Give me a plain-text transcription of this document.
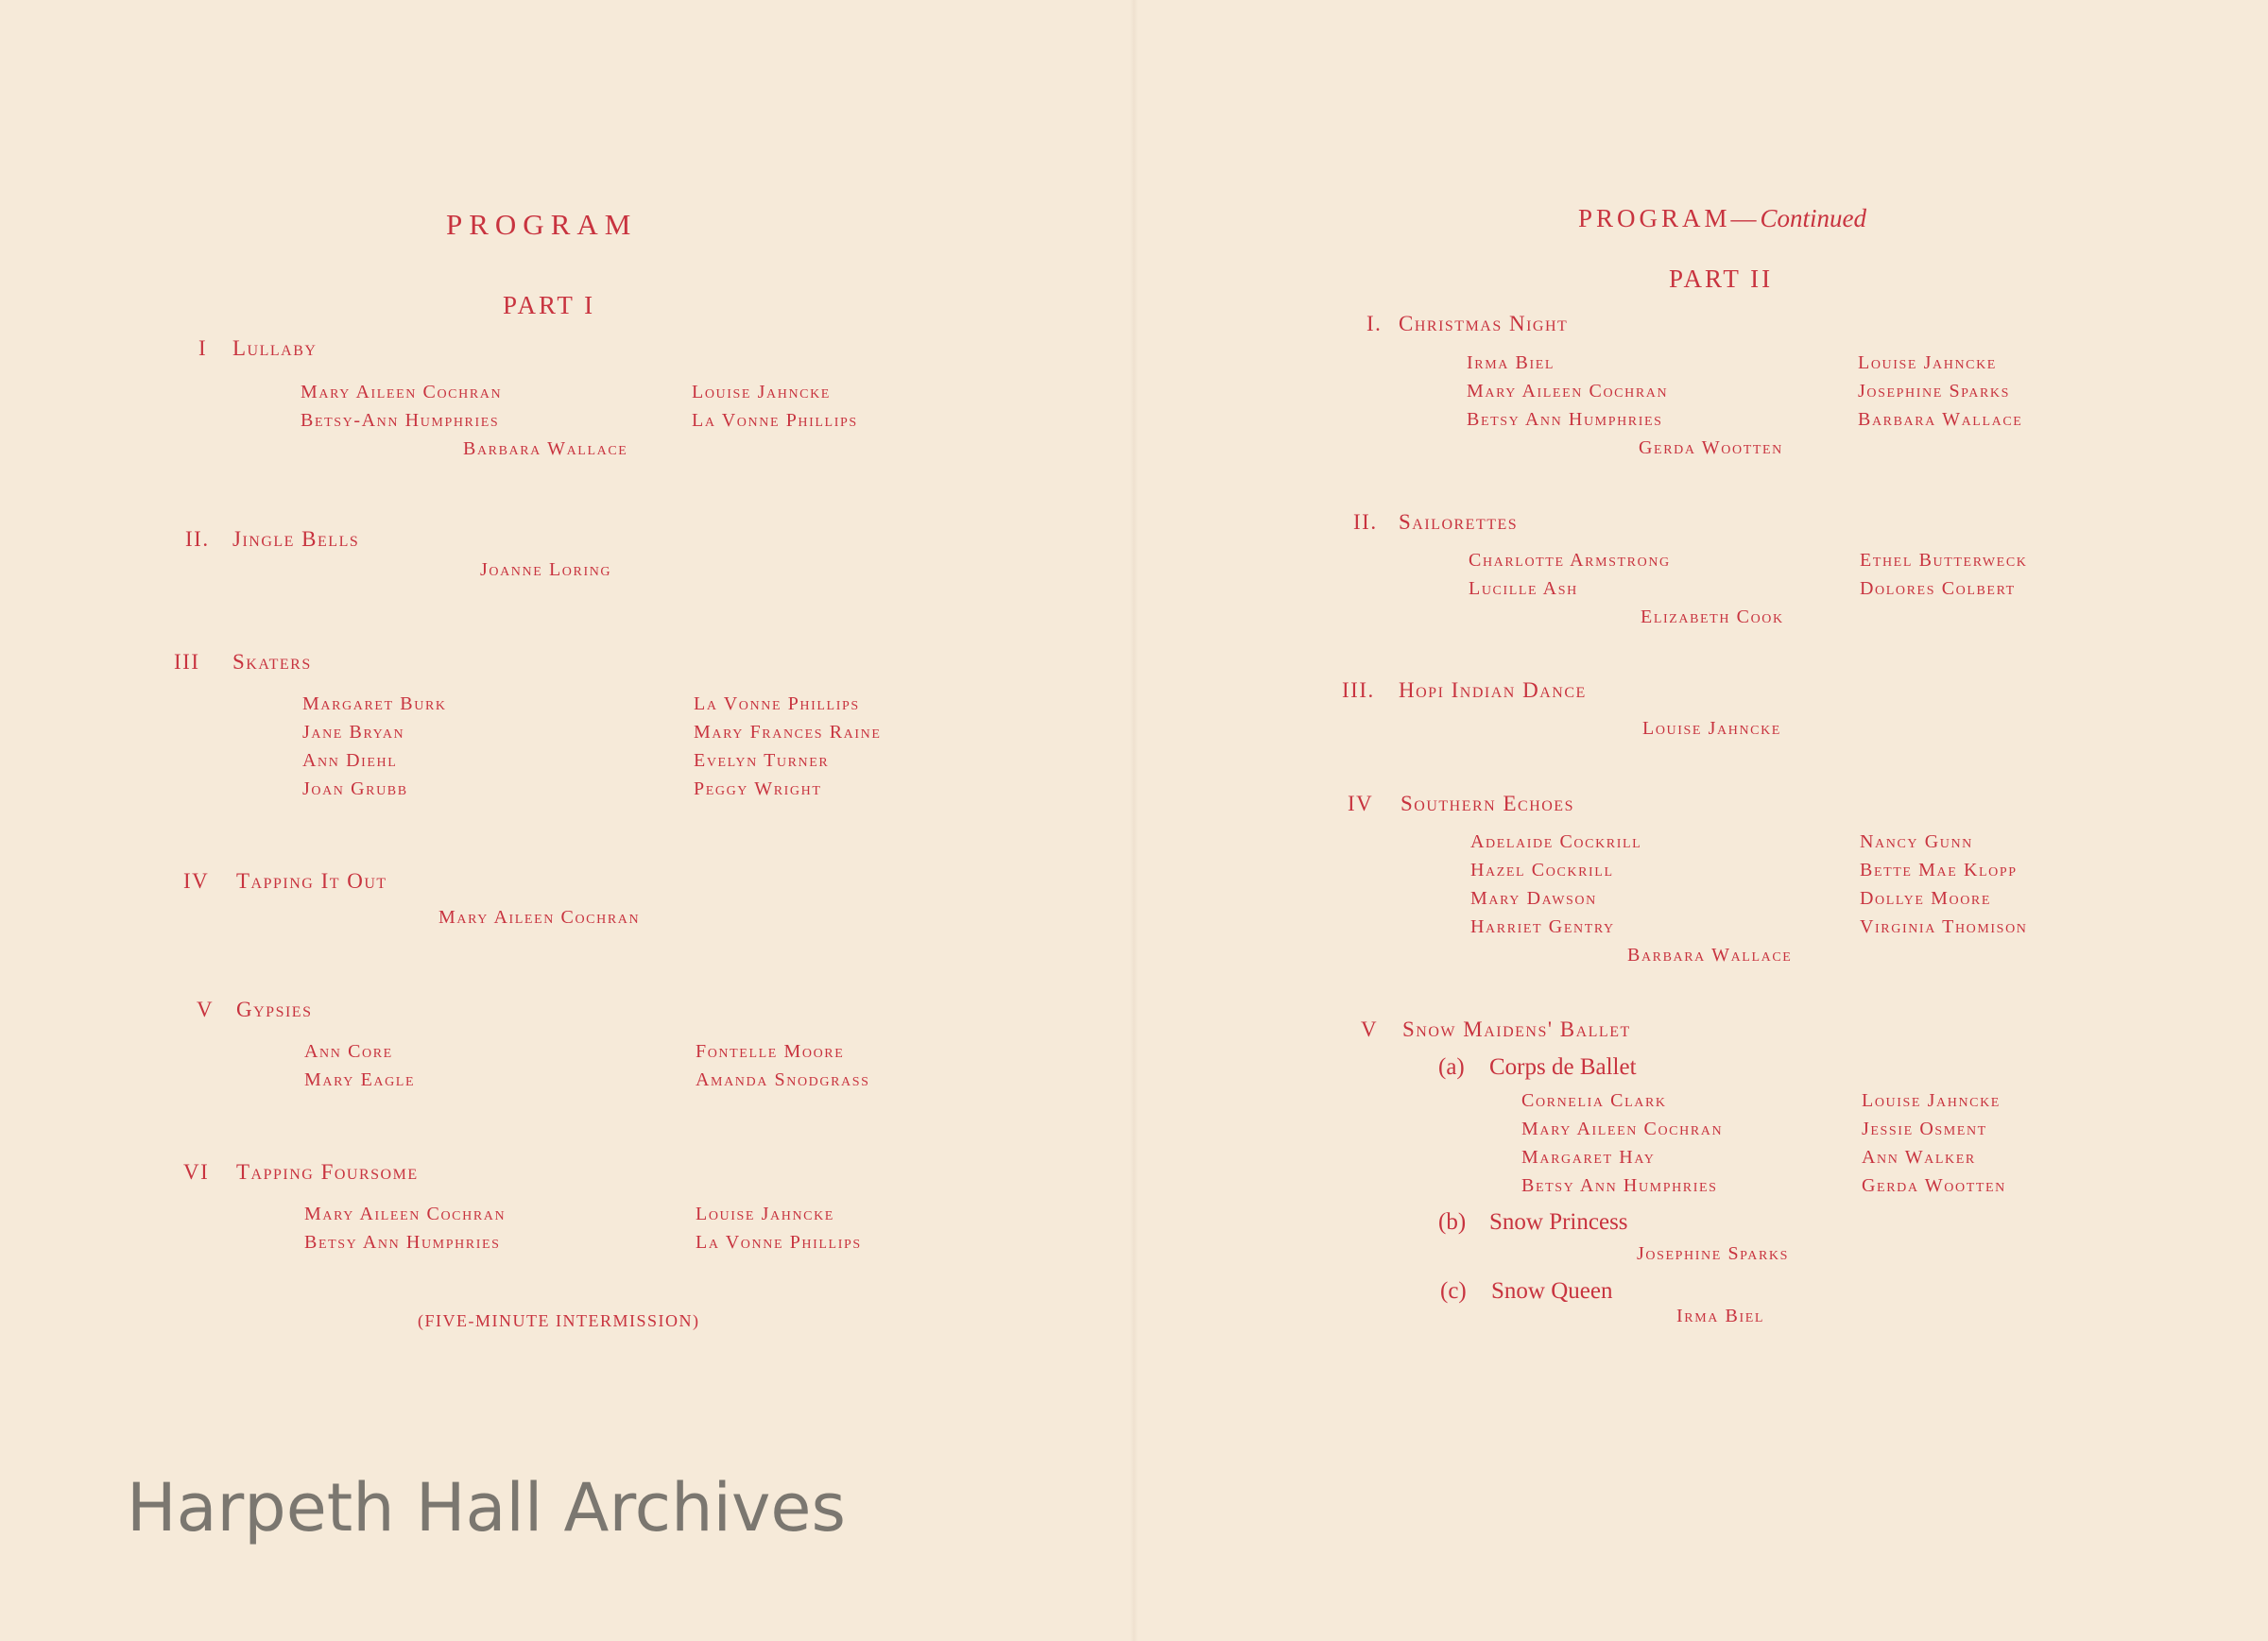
PROGRAM
PART I
I Lullaby
Mary Aileen Cochran
Betsy-Ann Humphries
Louise Jahncke
La Vonne Phillips
Barbara Wallace
II. Jingle Bells
Joanne Loring
III Skaters
Margaret Burk
Jane Bryan
Ann Diehl
Joan Grubb
La Vonne Phillips
Mary Frances Raine
Evelyn Turner
Peggy Wright
IV Tapping It Out
Mary Aileen Cochran
V Gypsies
Ann Core
Mary Eagle
Fontelle Moore
Amanda Snodgrass
VI Tapping Foursome
Mary Aileen Cochran
Betsy Ann Humphries
Louise Jahncke
La Vonne Phillips
(FIVE-MINUTE INTERMISSION)
PROGRAM—Continued
PART II
I. Christmas Night
Irma Biel
Mary Aileen Cochran
Betsy Ann Humphries
Louise Jahncke
Josephine Sparks
Barbara Wallace
Gerda Wootten
II. Sailorettes
Charlotte Armstrong
Lucille Ash
Ethel Butterweck
Dolores Colbert
Elizabeth Cook
III. Hopi Indian Dance
Louise Jahncke
IV Southern Echoes
Adelaide Cockrill
Hazel Cockrill
Mary Dawson
Harriet Gentry
Nancy Gunn
Bette Mae Klopp
Dollye Moore
Virginia Thomison
Barbara Wallace
V Snow Maidens' Ballet
(a) Corps de Ballet
Cornelia Clark
Mary Aileen Cochran
Margaret Hay
Betsy Ann Humphries
Louise Jahncke
Jessie Osment
Ann Walker
Gerda Wootten
(b) Snow Princess
Josephine Sparks
(c) Snow Queen
Irma Biel
Harpeth Hall Archives
